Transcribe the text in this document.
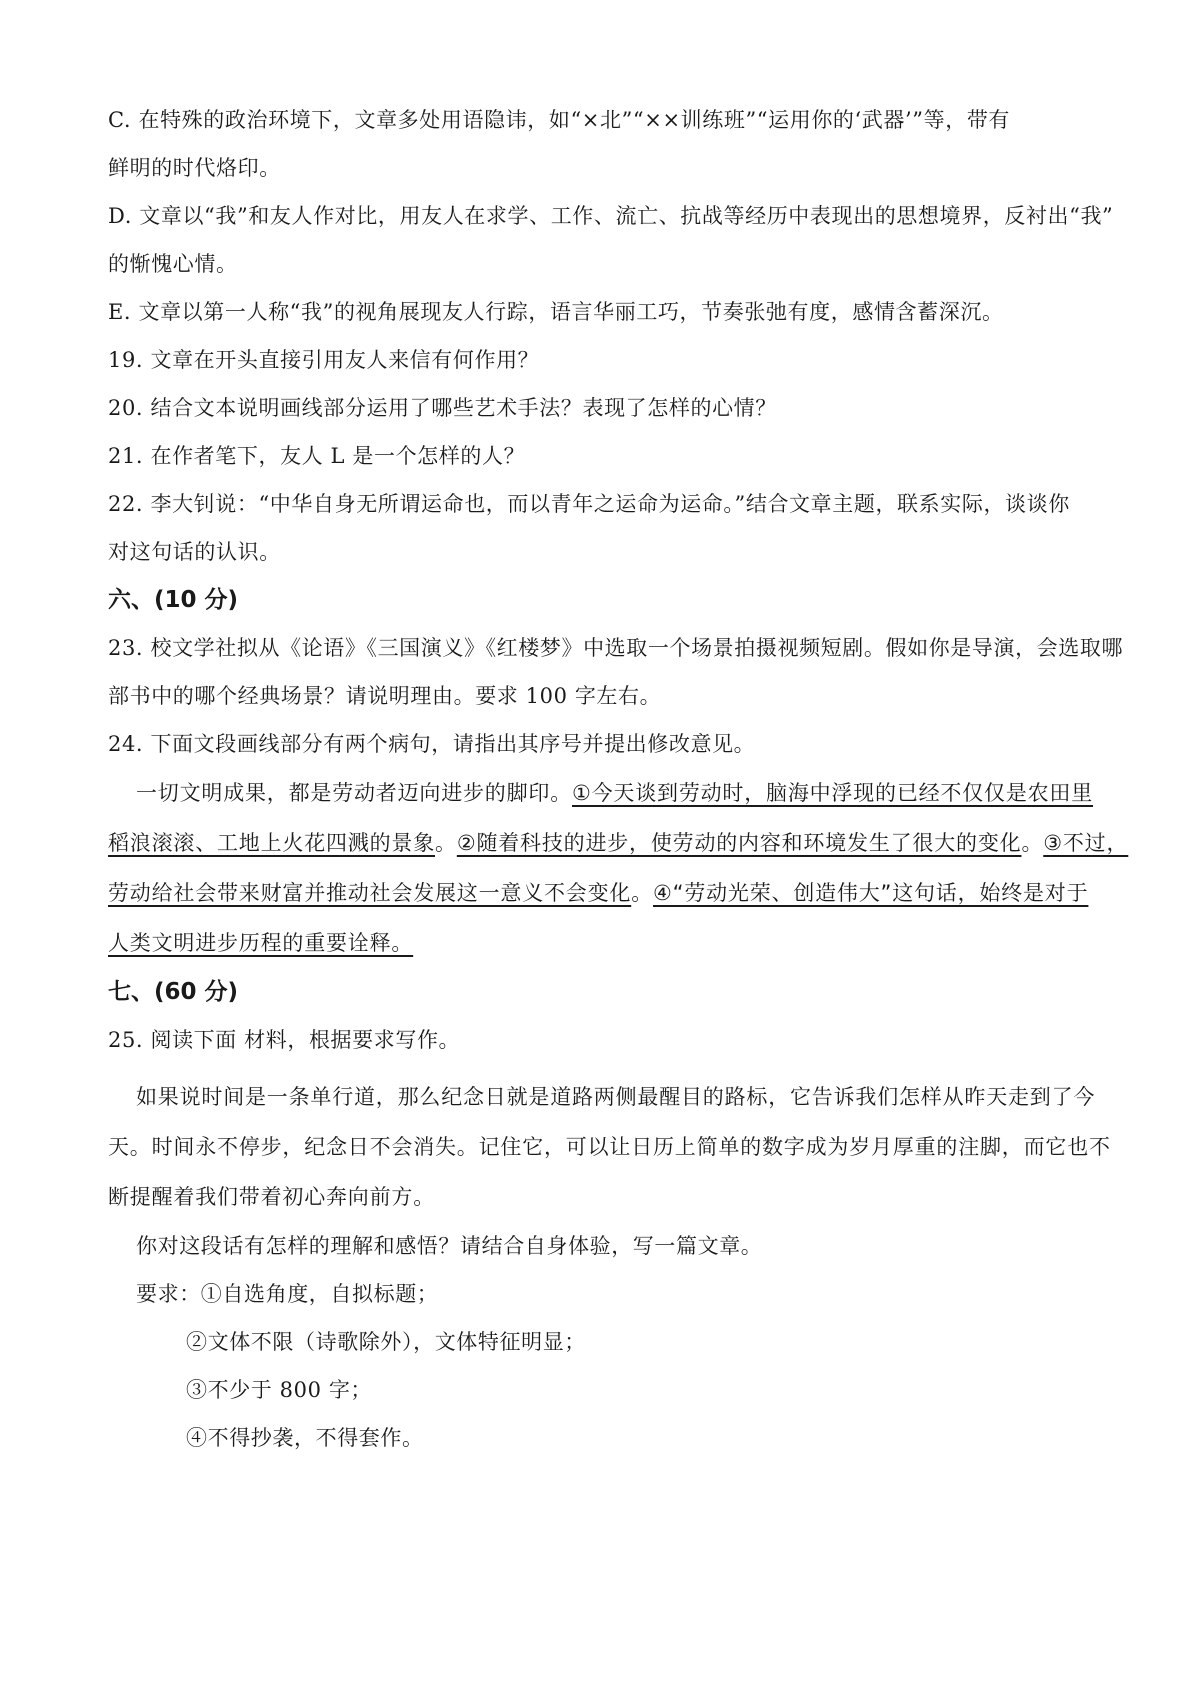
C. 在特殊的政治环境下，文章多处用语隐讳，如“×北”“××训练班”“运用你的‘武器’”等，带有
鲜明的时代烙印。
D. 文章以“我”和友人作对比，用友人在求学、工作、流亡、抗战等经历中表现出的思想境界，反衬出“我”
的惭愧心情。
E. 文章以第一人称“我”的视角展现友人行踪，语言华丽工巧，节奏张弛有度，感情含蓄深沉。
19. 文章在开头直接引用友人来信有何作用？
20. 结合文本说明画线部分运用了哪些艺术手法？表现了怎样的心情？
21. 在作者笔下，友人 L 是一个怎样的人？
22. 李大钊说：“中华自身无所谓运命也，而以青年之运命为运命。”结合文章主题，联系实际，谈谈你
对这句话的认识。
六、(10 分)
23. 校文学社拟从《论语》《三国演义》《红楼梦》中选取一个场景拍摄视频短剧。假如你是导演，会选取哪
部书中的哪个经典场景？请说明理由。要求 100 字左右。
24. 下面文段画线部分有两个病句，请指出其序号并提出修改意见。
一切文明成果，都是劳动者迈向进步的脚印。①今天谈到劳动时，脑海中浮现的已经不仅仅是农田里
稻浪滚滚、工地上火花四溅的景象。②随着科技的进步，使劳动的内容和环境发生了很大的变化。③不过，
劳动给社会带来财富并推动社会发展这一意义不会变化。④“劳动光荣、创造伟大”这句话，始终是对于
人类文明进步历程的重要诠释。
七、(60 分)
25. 阅读下面 材料，根据要求写作。
如果说时间是一条单行道，那么纪念日就是道路两侧最醒目的路标，它告诉我们怎样从昨天走到了今
天。时间永不停步，纪念日不会消失。记住它，可以让日历上简单的数字成为岁月厚重的注脚，而它也不
断提醒着我们带着初心奔向前方。
你对这段话有怎样的理解和感悟？请结合自身体验，写一篇文章。
要求：①自选角度，自拟标题；
②文体不限（诗歌除外），文体特征明显；
③不少于 800 字；
④不得抄袭，不得套作。
